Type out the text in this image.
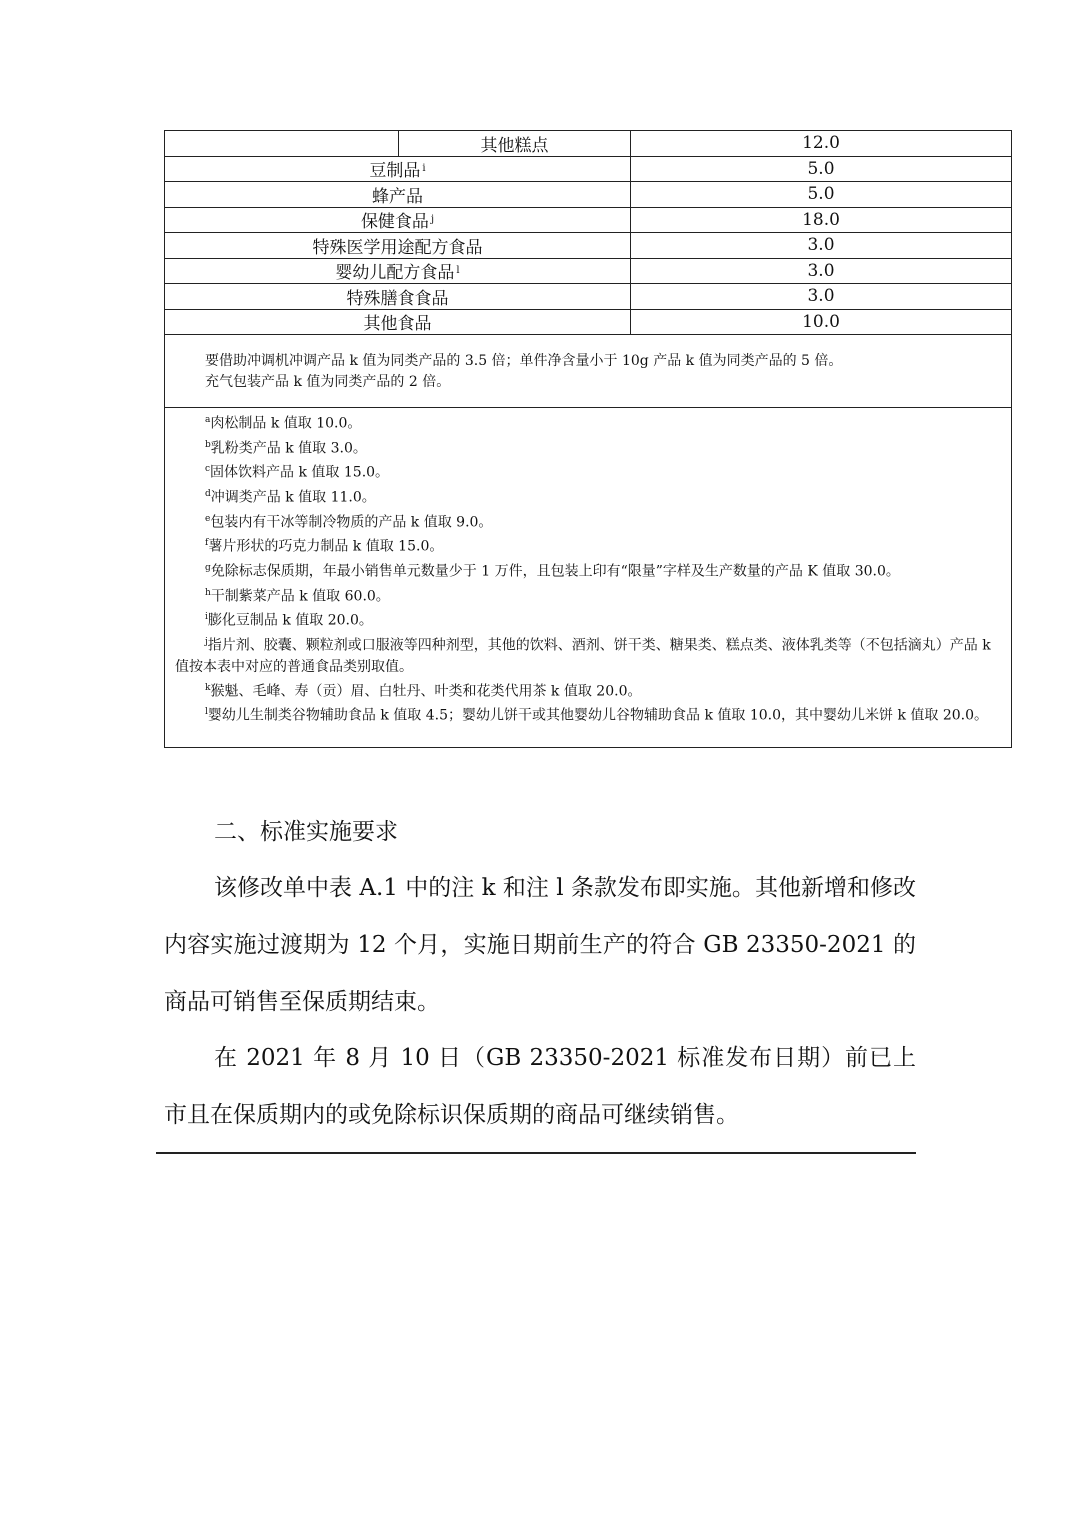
其他糕点	12.0
豆制品 i	5.0
蜂产品	5.0
保健食品 j	18.0
特殊医学用途配方食品	3.0
婴幼儿配方食品 l	3.0
特殊膳食食品	3.0
其他食品	10.0
要借助冲调机冲调产品 k 值为同类产品的 3.5 倍；单件净含量小于 10g 产品 k 值为同类产品的 5 倍。
充气包装产品 k 值为同类产品的 2 倍。

$^a$肉松制品 k 值取 10.0。

$^b$乳粉类产品 k 值取 3.0。

$^c$固体饮料产品 k 值取 15.0。

$^d$冲调类产品 k 值取 11.0。

$^e$包装内有干冰等制冷物质的产品 k 值取 9.0。

$^f$薯片形状的巧克力制品 k 值取 15.0。

$^g$免除标志保质期，年最小销售单元数量少于 1 万件，且包装上印有“限量”字样及生产数量的产品 K 值取 30.0。

$^h$干制紫菜产品 k 值取 60.0。

$^i$膨化豆制品 k 值取 20.0。

$^j$指片剂、胶囊、颗粒剂或口服液等四种剂型，其他的饮料、酒剂、饼干类、糖果类、糕点类、液体乳类等（不包括滴丸）产品 k 值按本表中对应的普通食品类别取值。

$^k$猴魁、毛峰、寿（贡）眉、白牡丹、叶类和花类代用茶 k 值取 20.0。

$^l$婴幼儿生制类谷物辅助食品 k 值取 4.5；婴幼儿饼干或其他婴幼儿谷物辅助食品 k 值取 10.0，其中婴幼儿米饼 k 值取 20.0。

二、标准实施要求

该修改单中表 A.1 中的注 k 和注 l 条款发布即实施。其他新增和修改内容实施过渡期为 12 个月，实施日期前生产的符合 GB 23350-2021 的商品可销售至保质期结束。

在 2021 年 8 月 10 日（GB 23350-2021 标准发布日期）前已上市且在保质期内的或免除标识保质期的商品可继续销售。
